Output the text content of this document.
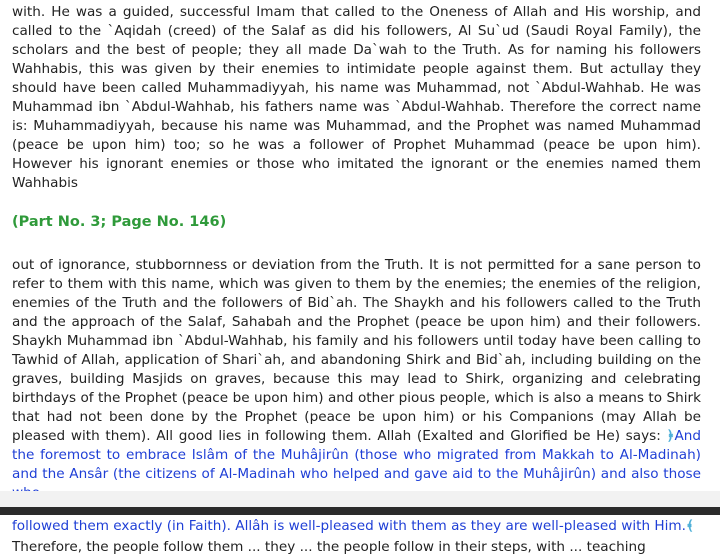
with. He was a guided, successful Imam that called to the Oneness of Allah and His worship, and called to the `Aqidah (creed) of the Salaf as did his followers, Al Su`ud (Saudi Royal Family), the scholars and the best of people; they all made Da`wah to the Truth. As for naming his followers Wahhabis, this was given by their enemies to intimidate people against them. But actullay they should have been called Muhammadiyyah, his name was Muhammad, not `Abdul-Wahhab. He was Muhammad ibn `Abdul-Wahhab, his fathers name was `Abdul-Wahhab. Therefore the correct name is: Muhammadiyyah, because his name was Muhammad, and the Prophet was named Muhammad (peace be upon him) too; so he was a follower of Prophet Muhammad (peace be upon him). However his ignorant enemies or those who imitated the ignorant or the enemies named them Wahhabis

(Part No. 3; Page No. 146)

out of ignorance, stubbornness or deviation from the Truth. It is not permitted for a sane person to refer to them with this name, which was given to them by the enemies; the enemies of the religion, enemies of the Truth and the followers of Bid`ah. The Shaykh and his followers called to the Truth and the approach of the Salaf, Sahabah and the Prophet (peace be upon him) and their followers. Shaykh Muhammad ibn `Abdul-Wahhab, his family and his followers until today have been calling to Tawhid of Allah, application of Shari`ah, and abandoning Shirk and Bid`ah, including building on the graves, building Masjids on graves, because this may lead to Shirk, organizing and celebrating birthdays of the Prophet (peace be upon him) and other pious people, which is also a means to Shirk that had not been done by the Prophet (peace be upon him) or his Companions (may Allah be pleased with them). All good lies in following them. Allah (Exalted and Glorified be He) says: ﴿And the foremost to embrace Islâm of the Muhâjirûn (those who migrated from Makkah to Al-Madinah) and the Ansâr (the citizens of Al-Madinah who helped and gave aid to the Muhâjirûn) and also those

followed them exactly (in Faith). Allâh is well-pleased with them as they are well-pleased with Him.﴾

Therefore, the people follow them ... they ... the people follow in their steps, with ... teaching
